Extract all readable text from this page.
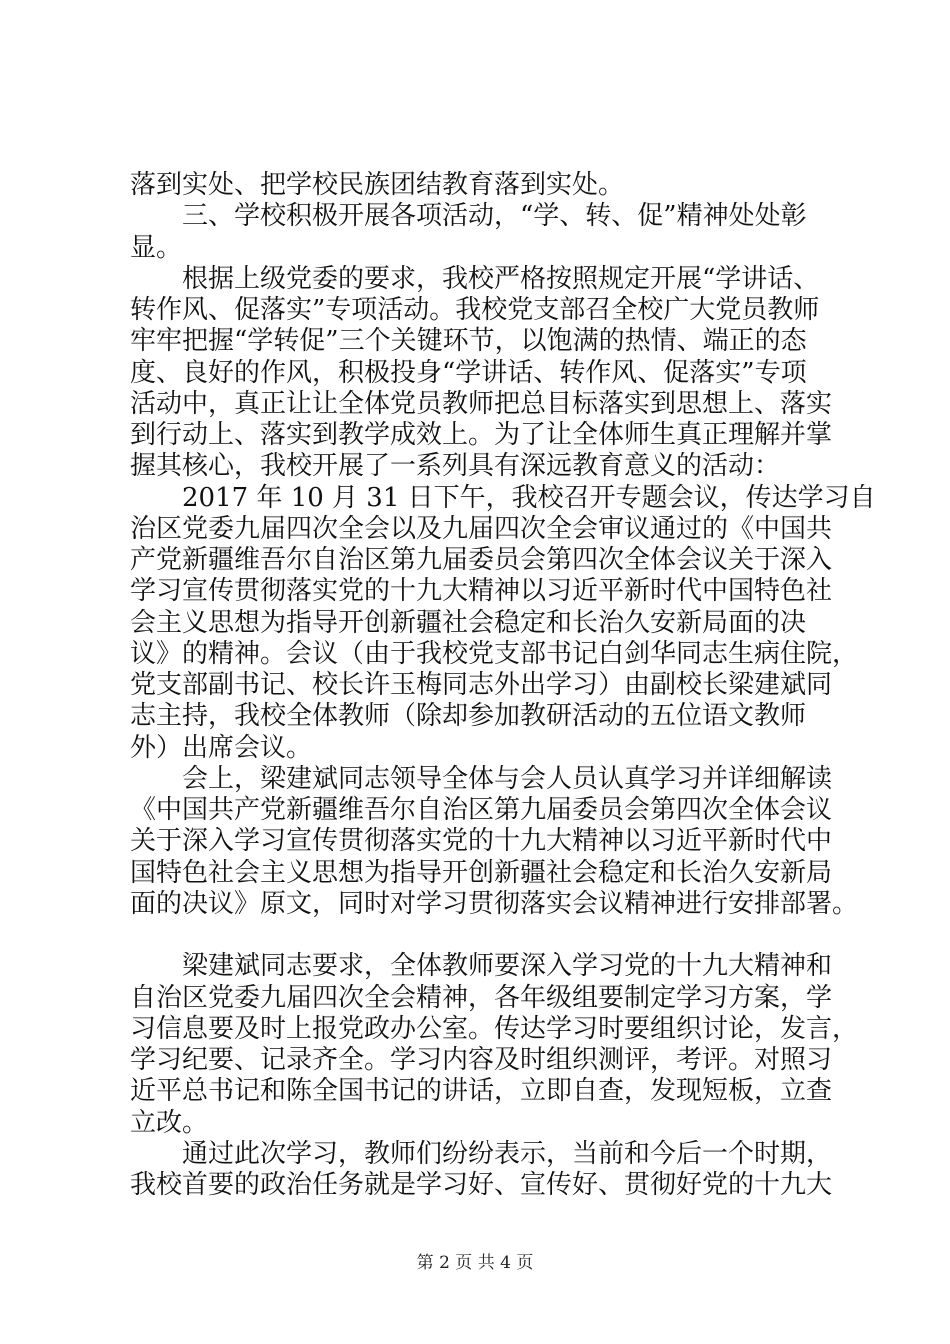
落到实处、把学校民族团结教育落到实处。
　　三、学校积极开展各项活动，“学、转、促”精神处处彰
显。
　　根据上级党委的要求，我校严格按照规定开展“学讲话、
转作风、促落实”专项活动。我校党支部召全校广大党员教师
牢牢把握“学转促”三个关键环节，以饱满的热情、端正的态
度、良好的作风，积极投身“学讲话、转作风、促落实”专项
活动中，真正让让全体党员教师把总目标落实到思想上、落实
到行动上、落实到教学成效上。为了让全体师生真正理解并掌
握其核心，我校开展了一系列具有深远教育意义的活动：
　　2017 年 10 月 31 日下午，我校召开专题会议，传达学习自
治区党委九届四次全会以及九届四次全会审议通过的《中国共
产党新疆维吾尔自治区第九届委员会第四次全体会议关于深入
学习宣传贯彻落实党的十九大精神以习近平新时代中国特色社
会主义思想为指导开创新疆社会稳定和长治久安新局面的决
议》的精神。会议（由于我校党支部书记白剑华同志生病住院，
党支部副书记、校长许玉梅同志外出学习）由副校长梁建斌同
志主持，我校全体教师（除却参加教研活动的五位语文教师
外）出席会议。
　　会上，梁建斌同志领导全体与会人员认真学习并详细解读
《中国共产党新疆维吾尔自治区第九届委员会第四次全体会议
关于深入学习宣传贯彻落实党的十九大精神以习近平新时代中
国特色社会主义思想为指导开创新疆社会稳定和长治久安新局
面的决议》原文，同时对学习贯彻落实会议精神进行安排部署。
　　梁建斌同志要求，全体教师要深入学习党的十九大精神和
自治区党委九届四次全会精神，各年级组要制定学习方案，学
习信息要及时上报党政办公室。传达学习时要组织讨论，发言，
学习纪要、记录齐全。学习内容及时组织测评，考评。对照习
近平总书记和陈全国书记的讲话，立即自查，发现短板，立查
立改。
　　通过此次学习，教师们纷纷表示，当前和今后一个时期，
我校首要的政治任务就是学习好、宣传好、贯彻好党的十九大
第 2 页 共 4 页
